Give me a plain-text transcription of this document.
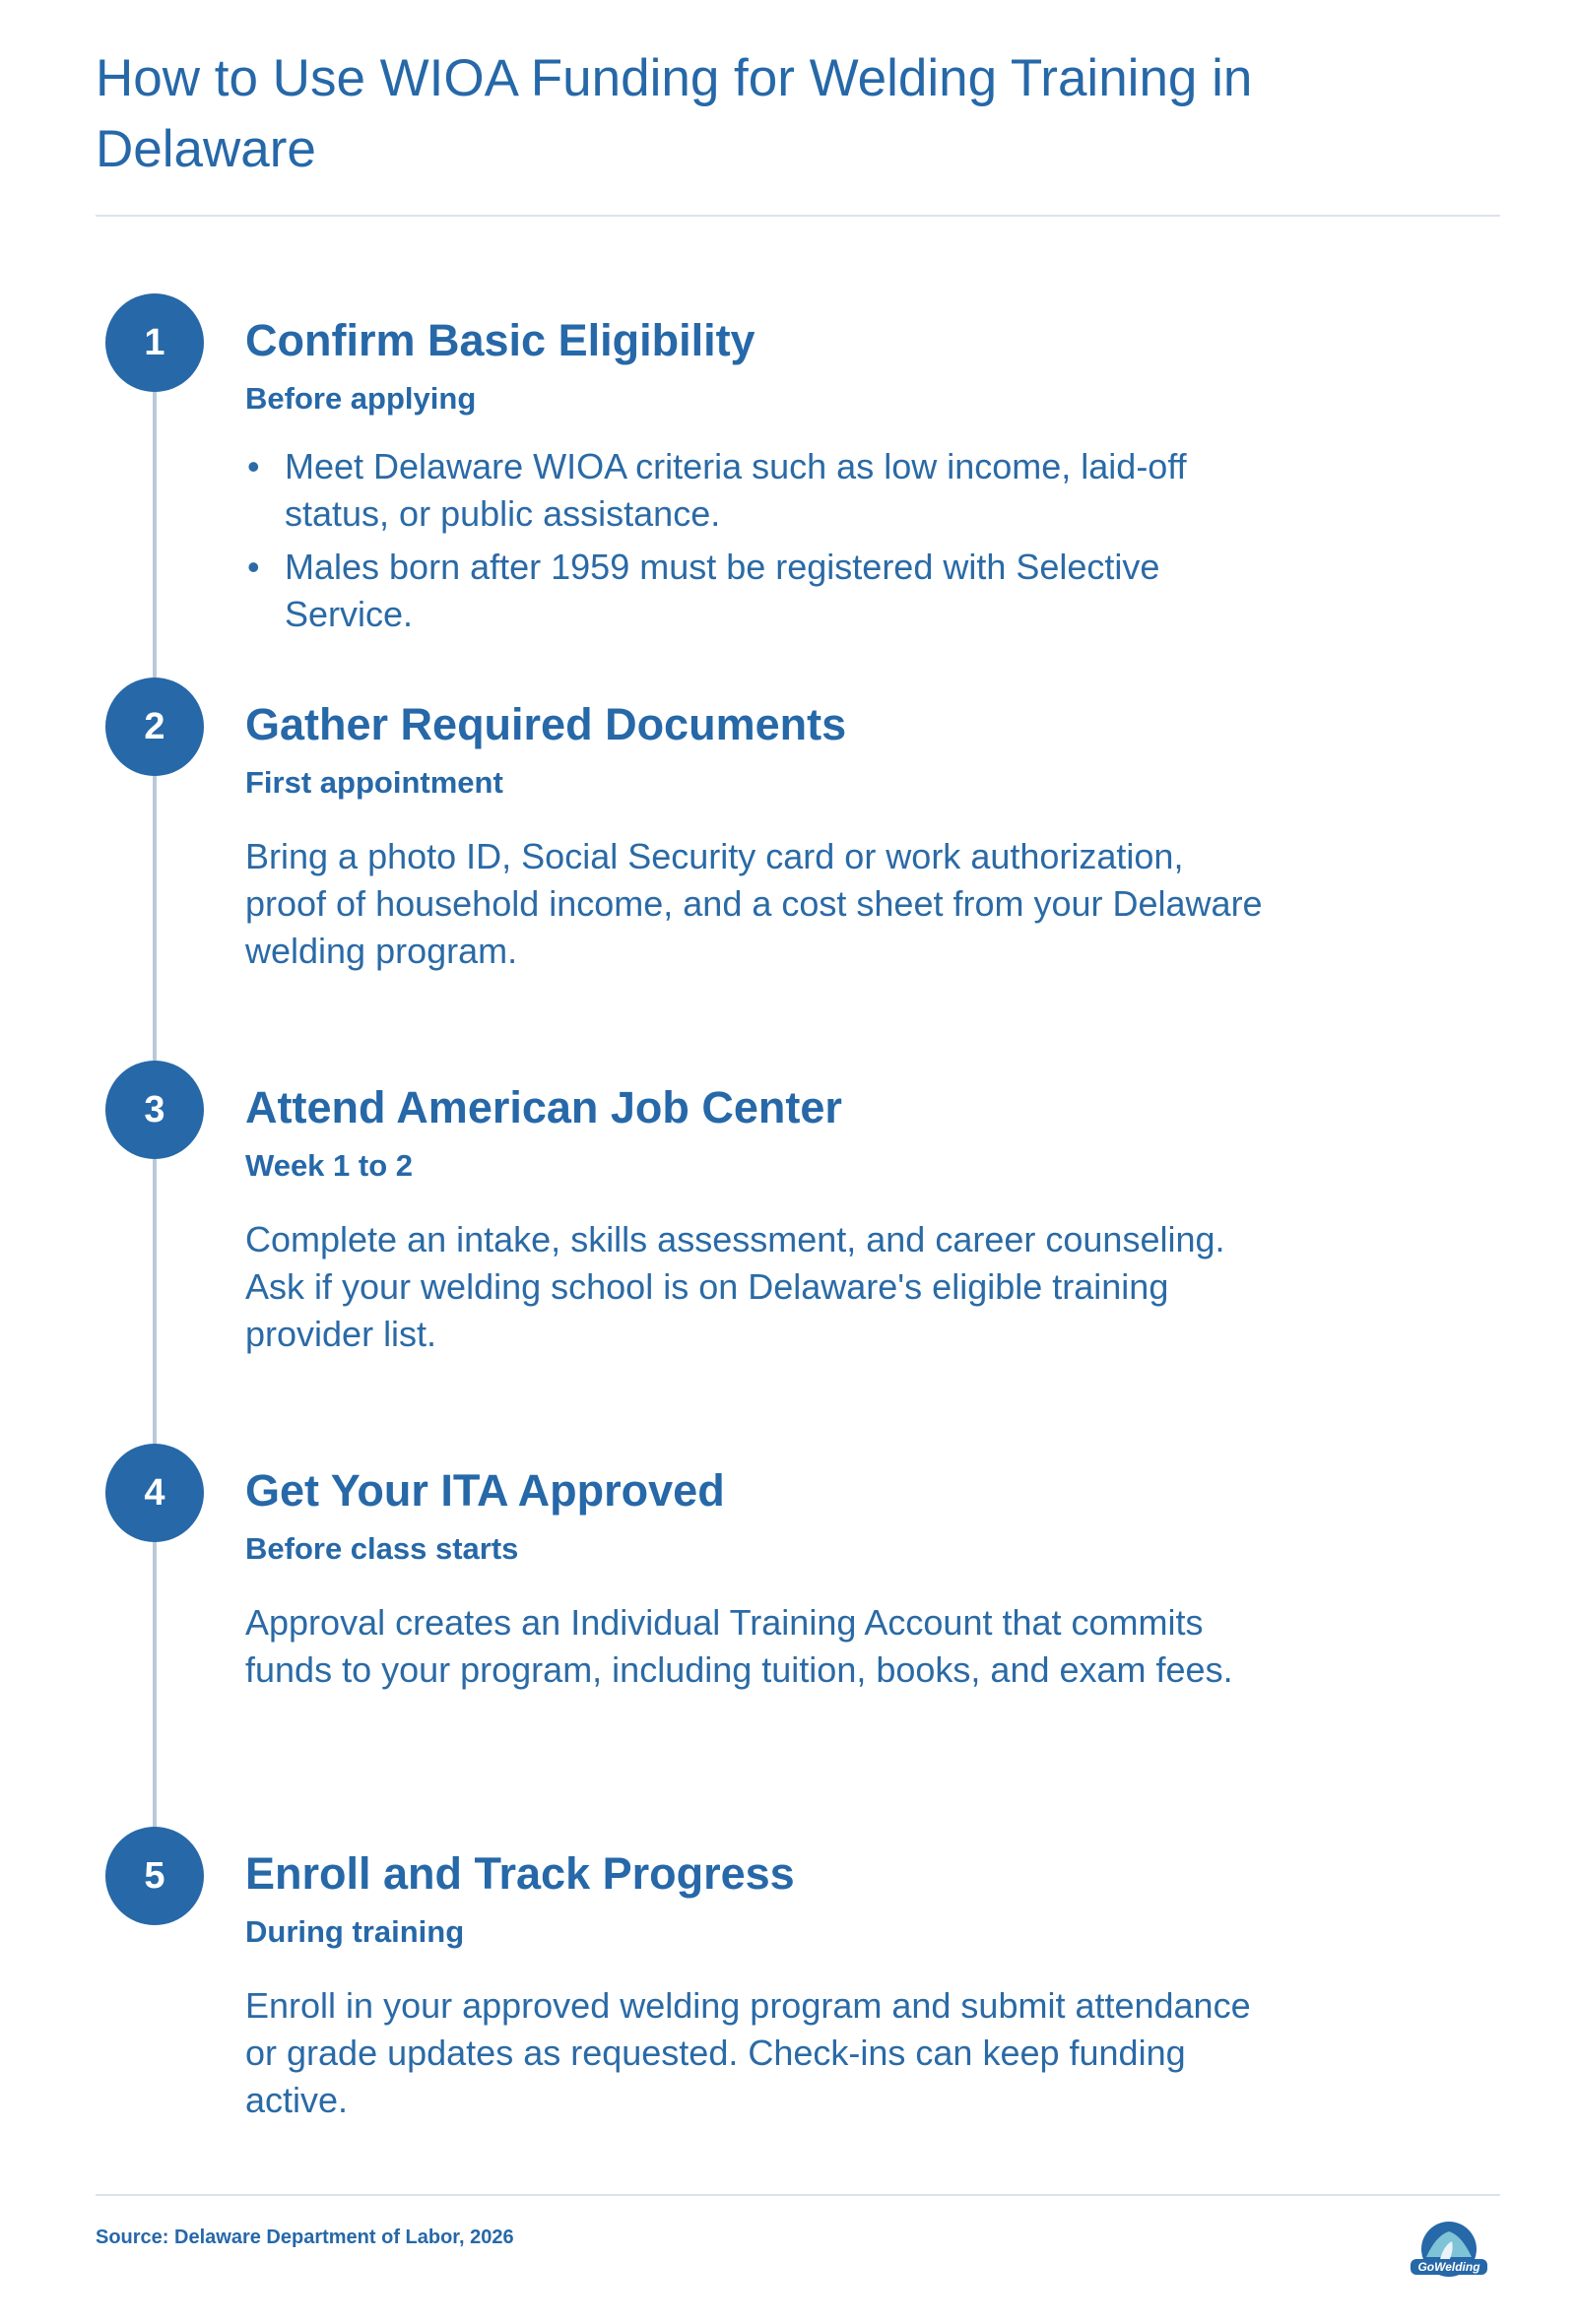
How to Use WIOA Funding for Welding Training in Delaware
1	Confirm Basic Eligibility
Before applying
• Meet Delaware WIOA criteria such as low income, laid-off status, or public assistance.
• Males born after 1959 must be registered with Selective Service.
2	Gather Required Documents
First appointment

Bring a photo ID, Social Security card or work authorization, proof of household income, and a cost sheet from your Delaware welding program.

3	Attend American Job Center
Week 1 to 2

Complete an intake, skills assessment, and career counseling. Ask if your welding school is on Delaware's eligible training provider list.

4	Get Your ITA Approved
Before class starts

Approval creates an Individual Training Account that commits funds to your program, including tuition, books, and exam fees.

5	Enroll and Track Progress
During training

Enroll in your approved welding program and submit attendance or grade updates as requested. Check-ins can keep funding active.

Source: Delaware Department of Labor, 2026
GoWelding
